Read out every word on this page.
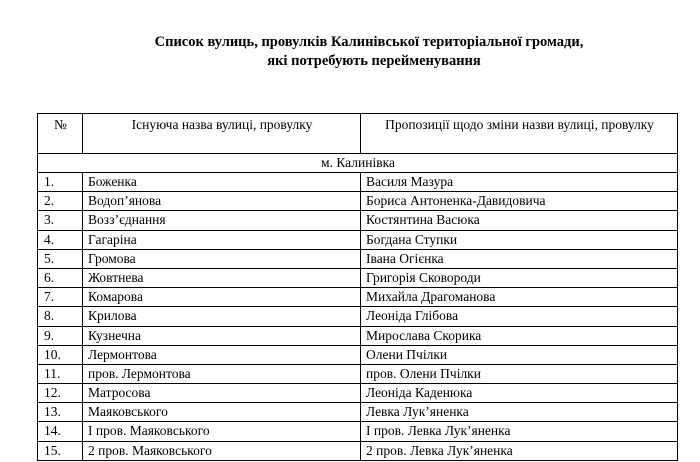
Список вулиць, провулків Калинівської територіальної громади,
які потребують перейменування
№	Існуюча назва вулиці, провулку	Пропозиції щодо зміни назви вулиці, провулку
м. Калинівка		
1.	Боженка	Василя Мазура
2.	Водоп’янова	Бориса Антоненка-Давидовича
3.	Возз’єднання	Костянтина Васюка
4.	Гагаріна	Богдана Ступки
5.	Громова	Івана Огієнка
6.	Жовтнева	Григорія Сковороди
7.	Комарова	Михайла Драгоманова
8.	Крилова	Леоніда Глібова
9.	Кузнечна	Мирослава Скорика
10.	Лермонтова	Олени Пчілки
11.	пров. Лермонтова	пров. Олени Пчілки
12.	Матросова	Леоніда Каденюка
13.	Маяковського	Левка Лук’яненка
14.	І пров. Маяковського	І пров. Левка Лук’яненка
15.	2 пров. Маяковського	2 пров. Левка Лук’яненка
